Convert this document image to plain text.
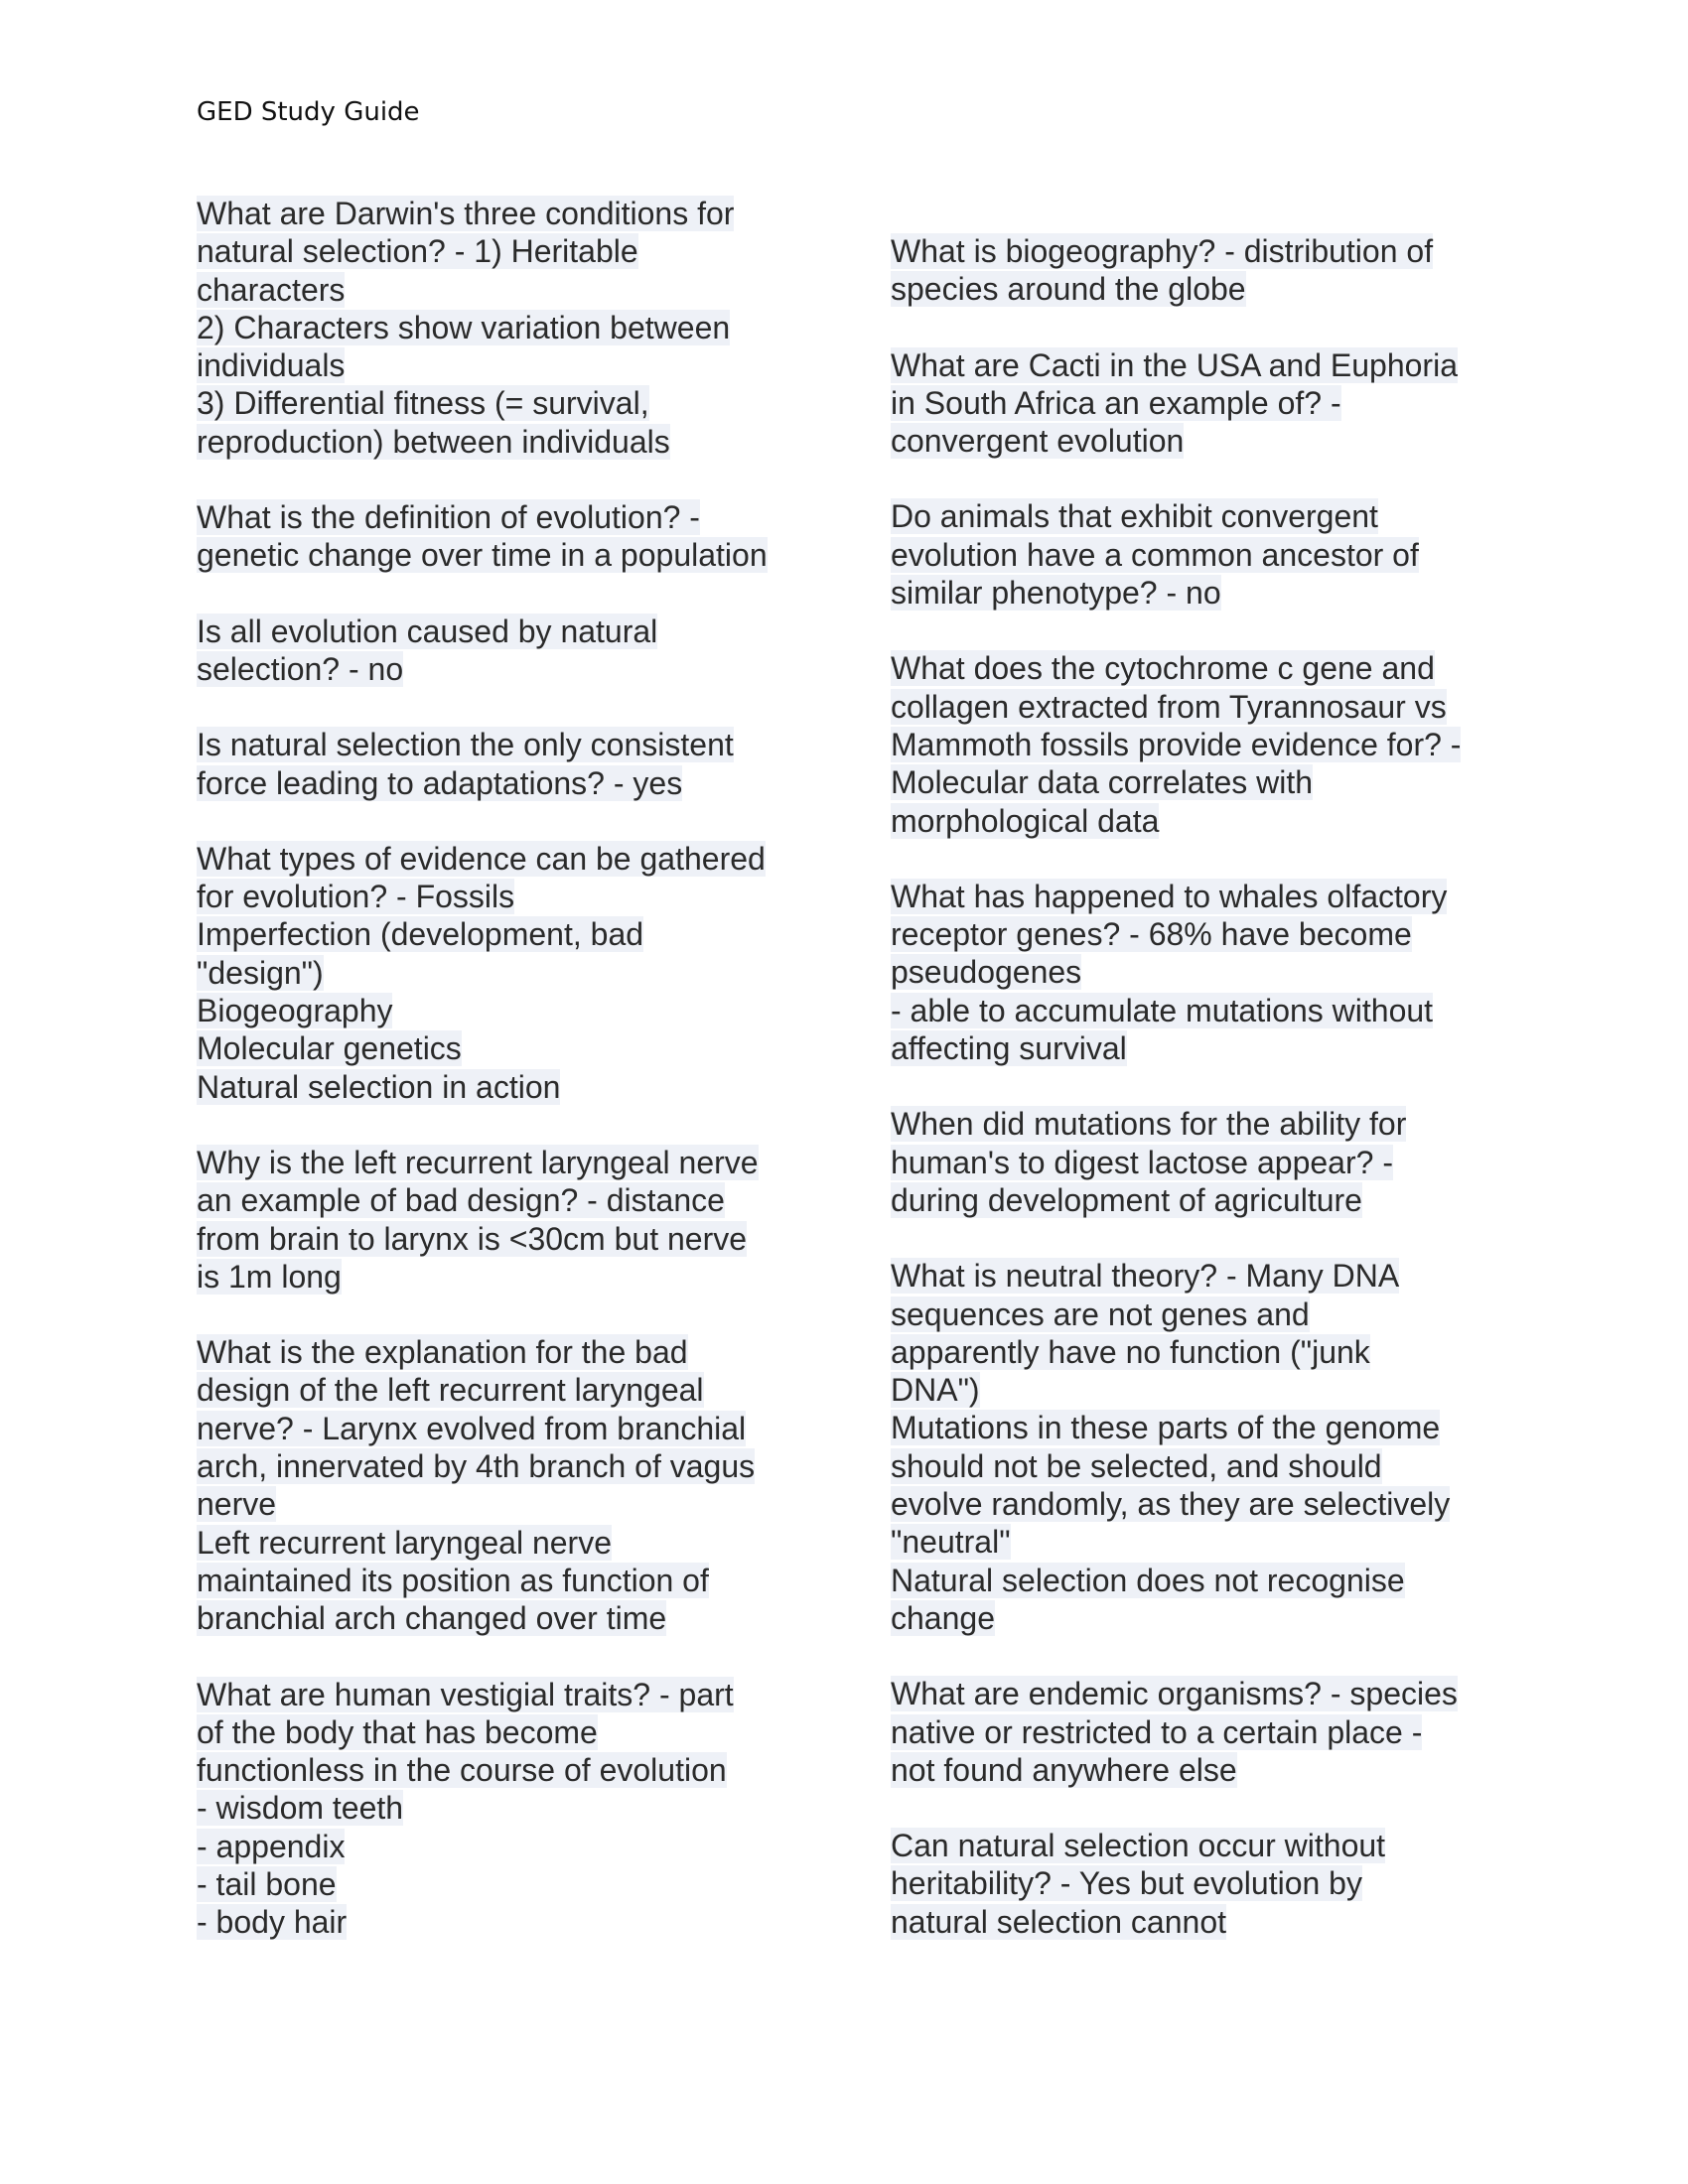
GED Study Guide
What are Darwin's three conditions for
natural selection? - 1) Heritable
characters
2) Characters show variation between
individuals
3) Differential fitness (= survival,
reproduction) between individuals
What is the definition of evolution? -
genetic change over time in a population
Is all evolution caused by natural
selection? - no
Is natural selection the only consistent
force leading to adaptations? - yes
What types of evidence can be gathered
for evolution? - Fossils
Imperfection (development, bad
"design")
Biogeography
Molecular genetics
Natural selection in action
Why is the left recurrent laryngeal nerve
an example of bad design? - distance
from brain to larynx is <30cm but nerve
is 1m long
What is the explanation for the bad
design of the left recurrent laryngeal
nerve? - Larynx evolved from branchial
arch, innervated by 4th branch of vagus
nerve
Left recurrent laryngeal nerve
maintained its position as function of
branchial arch changed over time
What are human vestigial traits? - part
of the body that has become
functionless in the course of evolution
- wisdom teeth
- appendix
- tail bone
- body hair
What is biogeography? - distribution of
species around the globe
What are Cacti in the USA and Euphoria
in South Africa an example of? -
convergent evolution
Do animals that exhibit convergent
evolution have a common ancestor of
similar phenotype? - no
What does the cytochrome c gene and
collagen extracted from Tyrannosaur vs
Mammoth fossils provide evidence for? -
Molecular data correlates with
morphological data
What has happened to whales olfactory
receptor genes? - 68% have become
pseudogenes
- able to accumulate mutations without
affecting survival
When did mutations for the ability for
human's to digest lactose appear? -
during development of agriculture
What is neutral theory? - Many DNA
sequences are not genes and
apparently have no function ("junk
DNA")
Mutations in these parts of the genome
should not be selected, and should
evolve randomly, as they are selectively
"neutral"
Natural selection does not recognise
change
What are endemic organisms? - species
native or restricted to a certain place -
not found anywhere else
Can natural selection occur without
heritability? - Yes but evolution by
natural selection cannot
